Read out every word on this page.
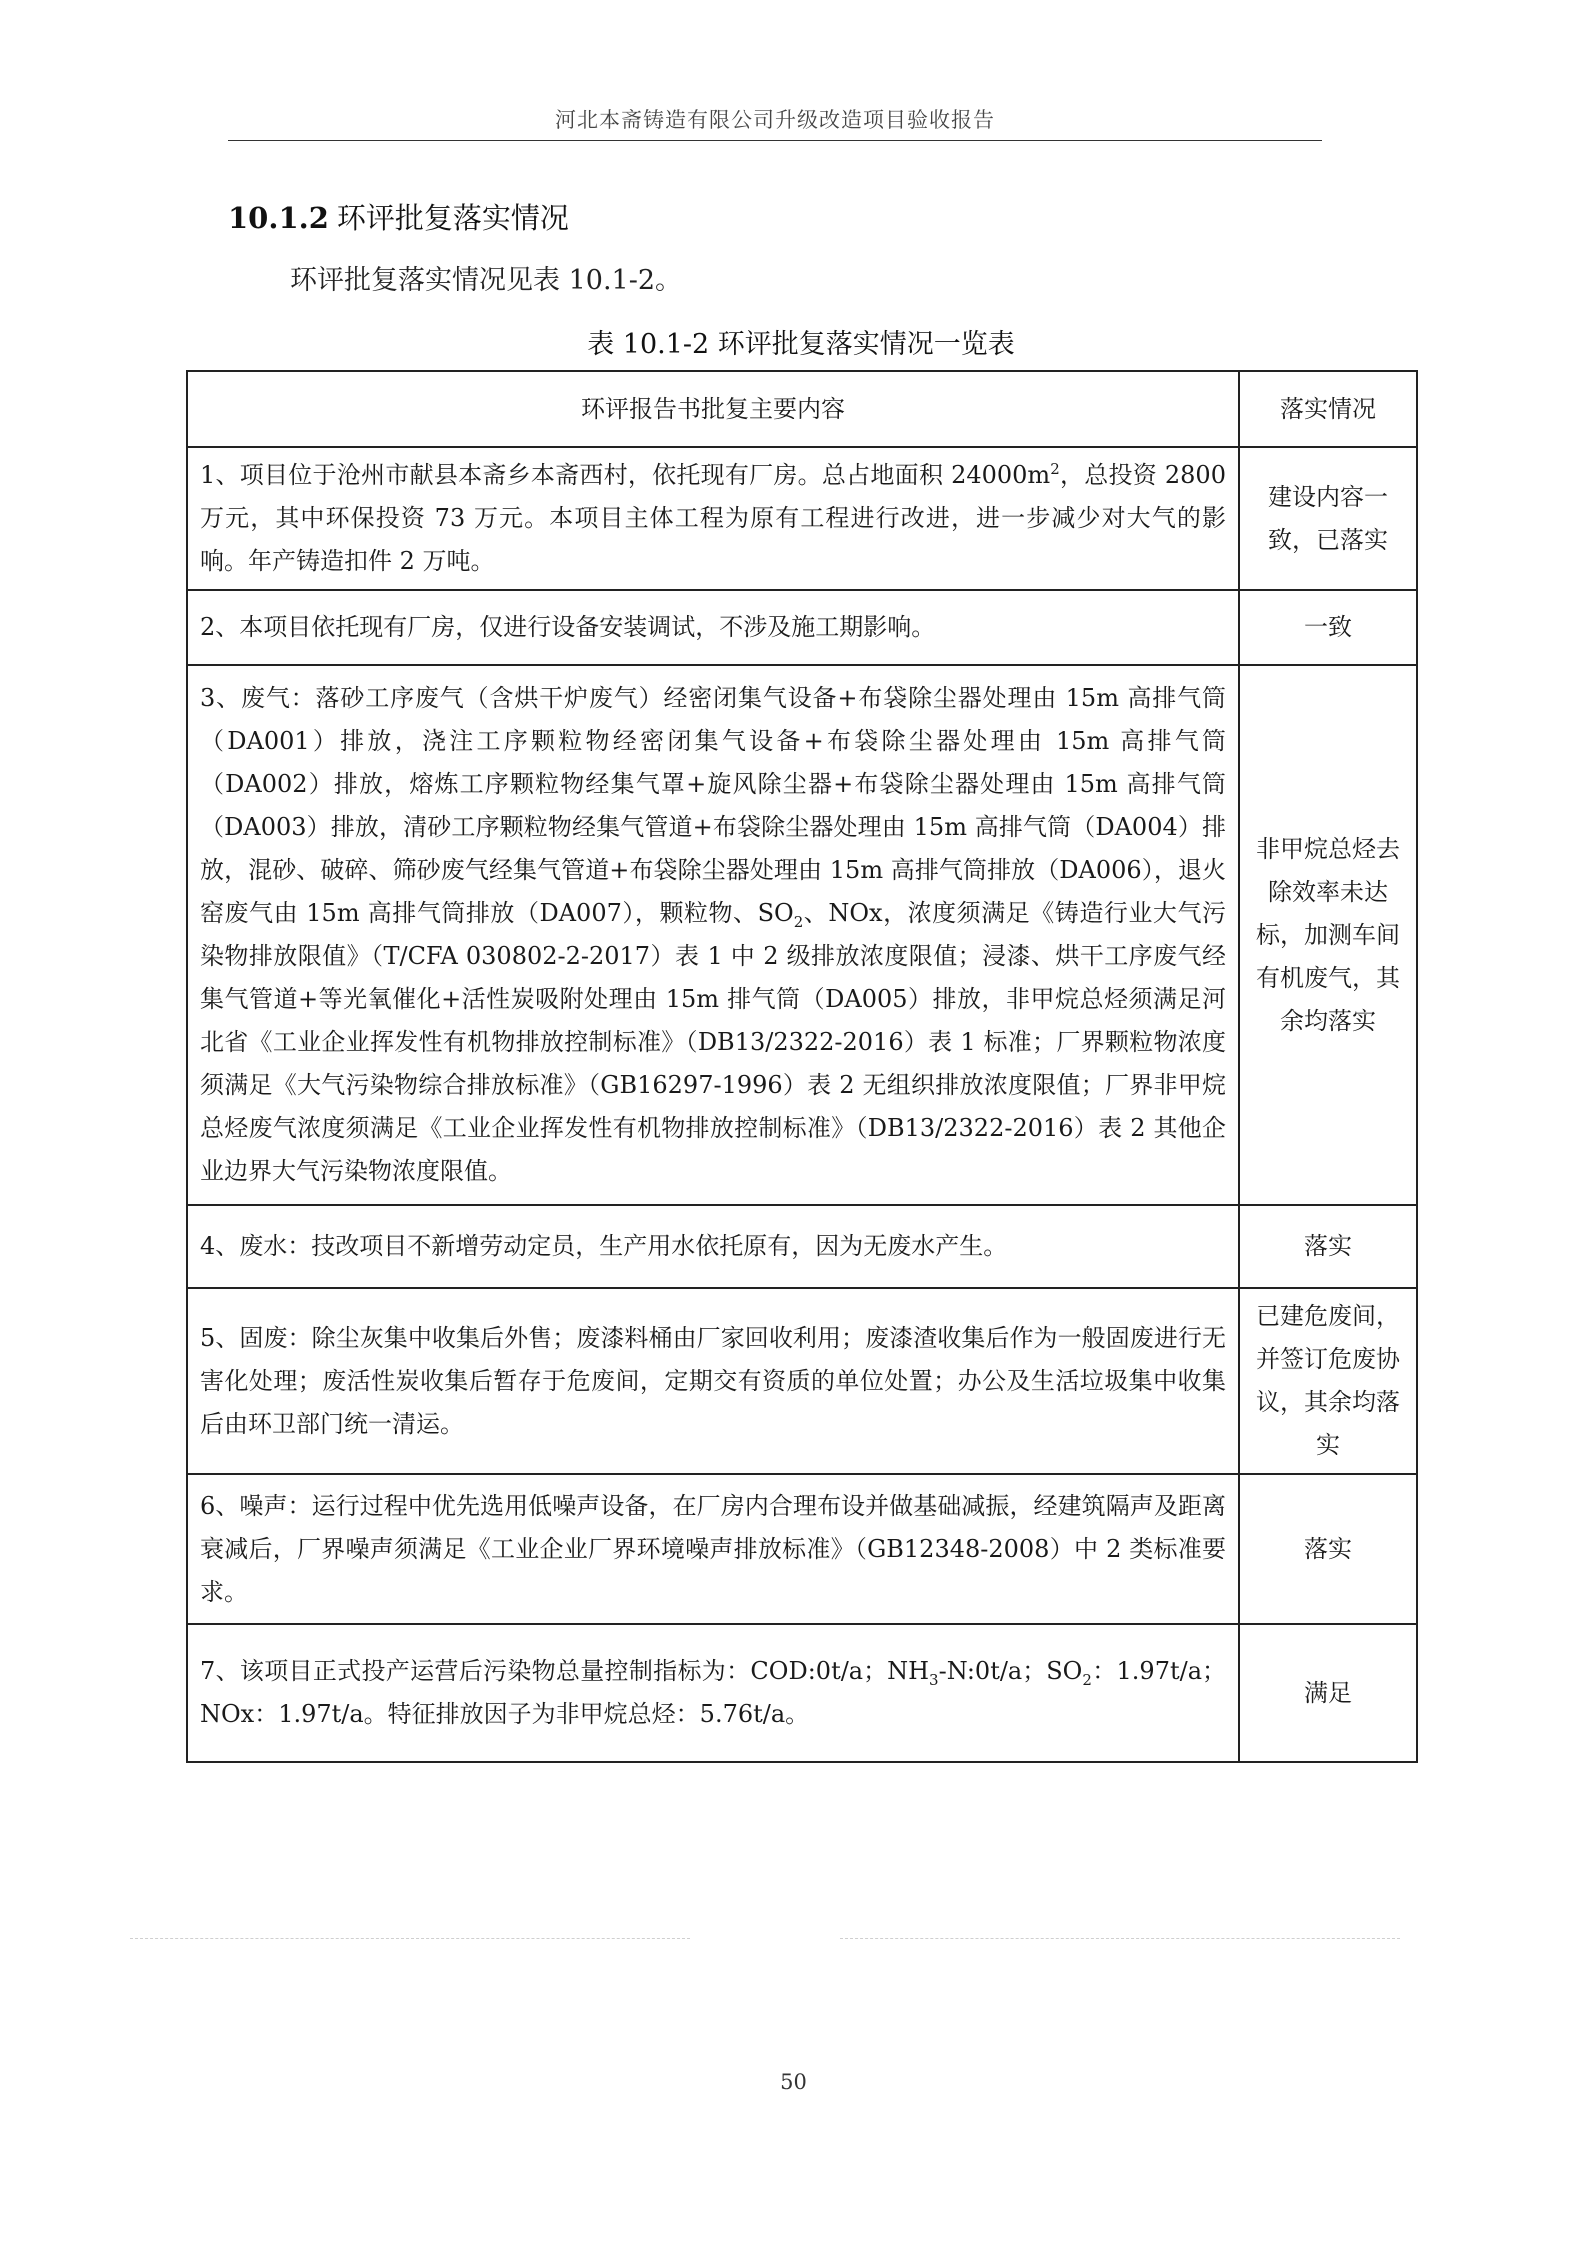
河北本斋铸造有限公司升级改造项目验收报告
10.1.2 环评批复落实情况
环评批复落实情况见表 10.1-2。
表 10.1-2 环评批复落实情况一览表
环评报告书批复主要内容	落实情况
1、项目位于沧州市献县本斋乡本斋西村，依托现有厂房。总占地面积 $24000m^2$，总投资 2800 万元，其中环保投资 73 万元。本项目主体工程为原有工程进行改进，进一步减少对大气的影响。年产铸造扣件 2 万吨。	建设内容一致，已落实
2、本项目依托现有厂房，仅进行设备安装调试，不涉及施工期影响。	一致
3、废气：落砂工序废气（含烘干炉废气）经密闭集气设备+布袋除尘器处理由 15m 高排气筒（DA001）排放，浇注工序颗粒物经密闭集气设备+布袋除尘器处理由 15m 高排气筒（DA002）排放，熔炼工序颗粒物经集气罩+旋风除尘器+布袋除尘器处理由 15m 高排气筒（DA003）排放，清砂工序颗粒物经集气管道+布袋除尘器处理由 15m 高排气筒（DA004）排放，混砂、破碎、筛砂废气经集气管道+布袋除尘器处理由 15m 高排气筒排放（DA006），退火窑废气由 15m 高排气筒排放（DA007），颗粒物、$SO_2$、NOx，浓度须满足《铸造行业大气污染物排放限值》（T/CFA 030802-2-2017）表 1 中 2 级排放浓度限值；浸漆、烘干工序废气经集气管道+等光氧催化+活性炭吸附处理由 15m 排气筒（DA005）排放，非甲烷总烃须满足河北省《工业企业挥发性有机物排放控制标准》（DB13/2322-2016）表 1 标准；厂界颗粒物浓度须满足《大气污染物综合排放标准》（GB16297-1996）表 2 无组织排放浓度限值；厂界非甲烷总烃废气浓度须满足《工业企业挥发性有机物排放控制标准》（DB13/2322-2016）表 2 其他企业边界大气污染物浓度限值。	非甲烷总烃去除效率未达标，加测车间有机废气，其余均落实
4、废水：技改项目不新增劳动定员，生产用水依托原有，因为无废水产生。	落实
5、固废：除尘灰集中收集后外售；废漆料桶由厂家回收利用；废漆渣收集后作为一般固废进行无害化处理；废活性炭收集后暂存于危废间，定期交有资质的单位处置；办公及生活垃圾集中收集后由环卫部门统一清运。	已建危废间，并签订危废协议，其余均落实
6、噪声：运行过程中优先选用低噪声设备，在厂房内合理布设并做基础减振，经建筑隔声及距离衰减后，厂界噪声须满足《工业企业厂界环境噪声排放标准》（GB12348-2008）中 2 类标准要求。	落实
7、该项目正式投产运营后污染物总量控制指标为：COD:0t/a；$NH_3-N:0t/a$；$SO_2$：1.97t/a；NOx：1.97t/a。特征排放因子为非甲烷总烃：5.76t/a。	满足
50
